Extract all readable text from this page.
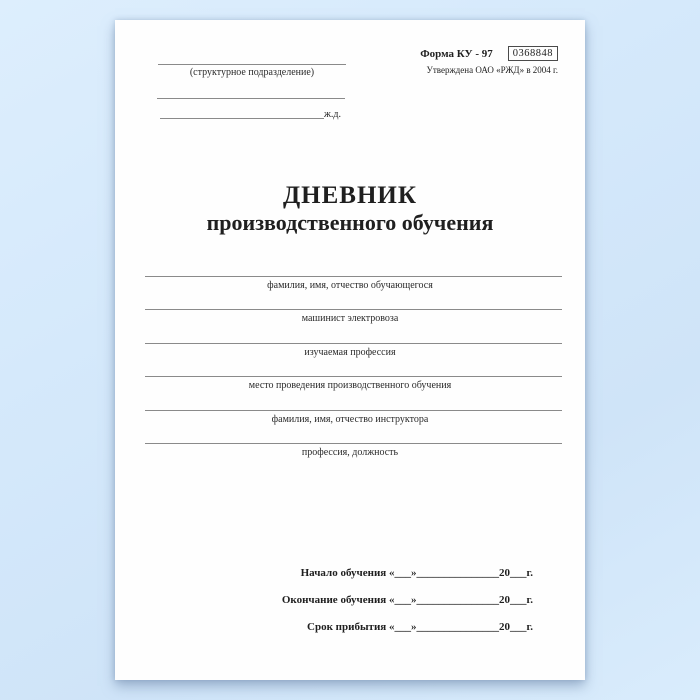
(структурное подразделение)
ж.д.
Форма КУ - 97	0368848
Утверждена ОАО «РЖД» в 2004 г.
ДНЕВНИК
производственного обучения
фамилия, имя, отчество обучающегося
машинист электровоза
изучаемая профессия
место проведения производственного обучения
фамилия, имя, отчество инструктора
профессия, должность
Начало обучения «___»_______________20___г.
Окончание обучения «___»_______________20___г.
Срок прибытия «___»_______________20___г.
